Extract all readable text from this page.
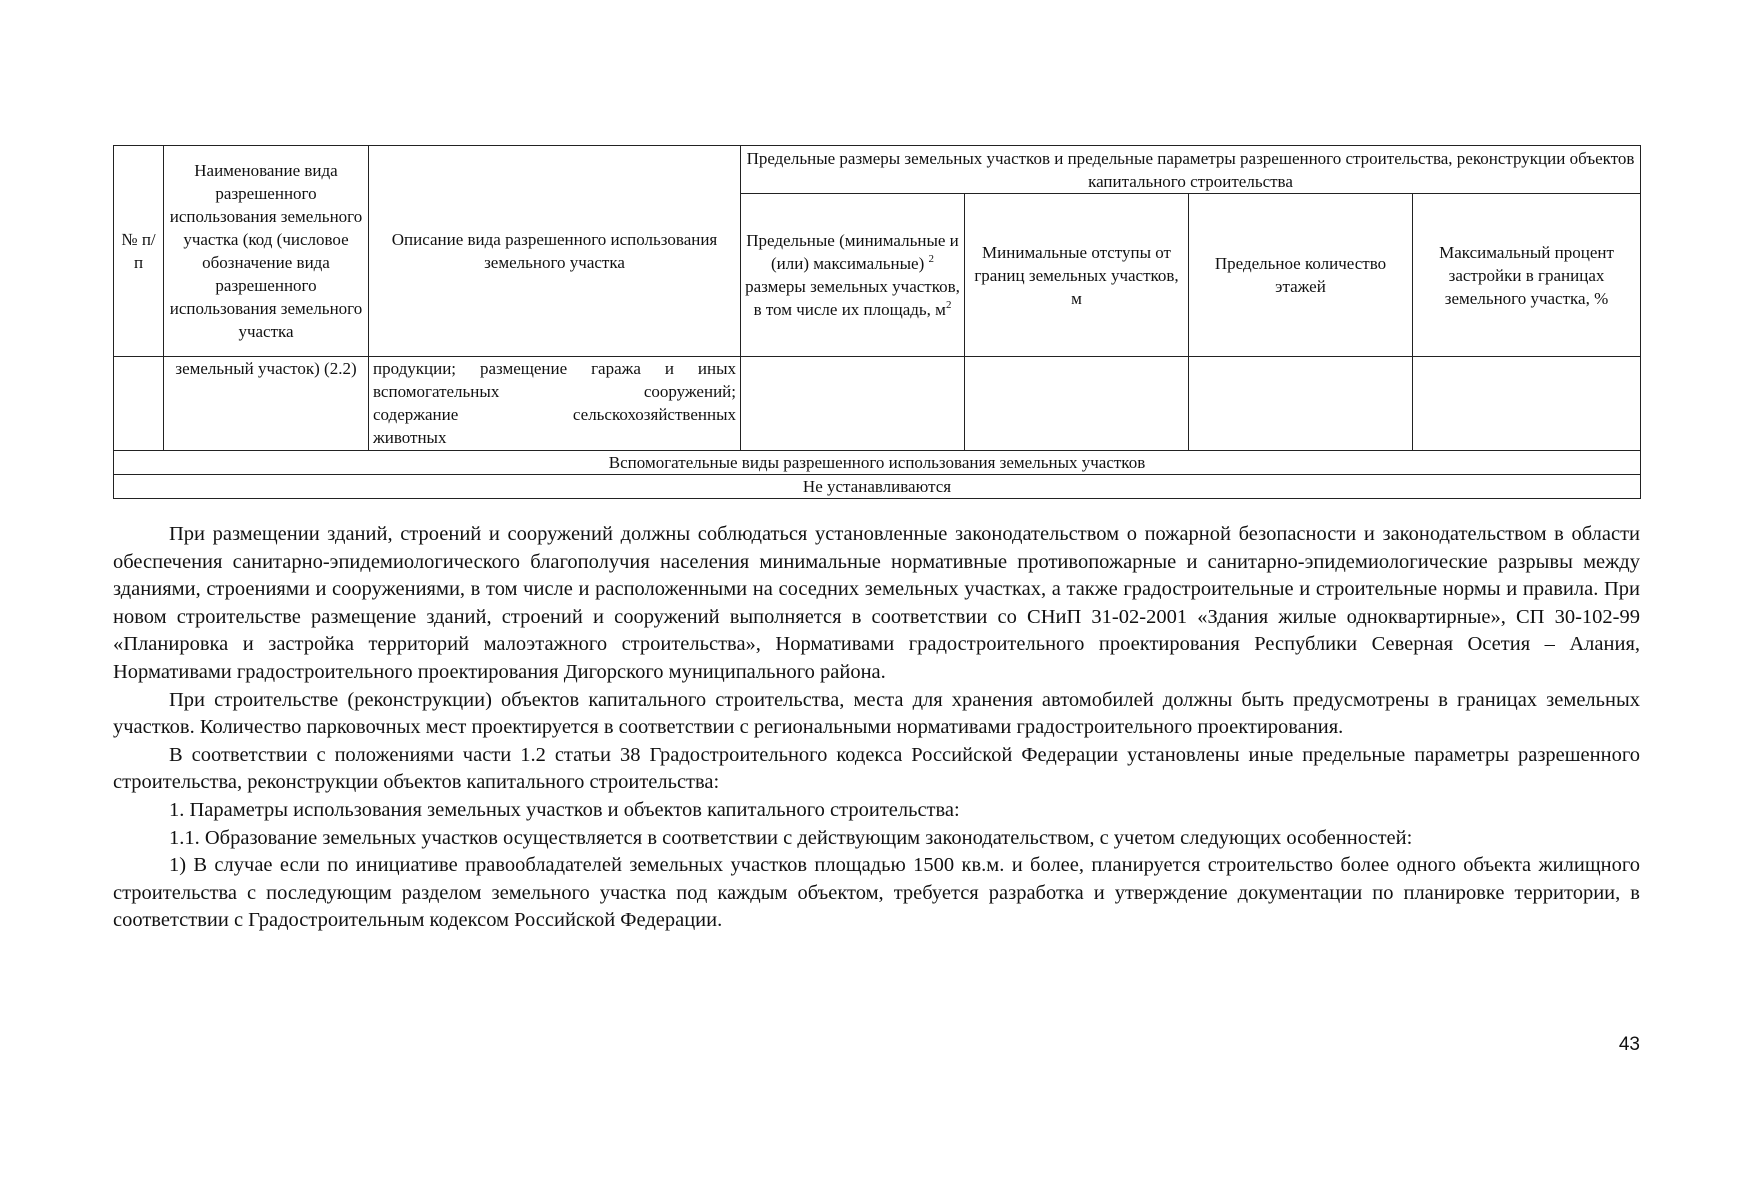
№ п/п	Наименование вида разрешенного использования земельного участка (код (числовое обозначение вида разрешенного использования земельного участка	Описание вида разрешенного использования земельного участка	Предельные размеры земельных участков и предельные параметры разрешенного строительства, реконструкции объектов капитального строительства			
			Предельные (минимальные и (или) максимальные) $^2$ размеры земельных участков, в том числе их площадь, $м^2$	Минимальные отступы от границ земельных участков, м	Предельное количество этажей	Максимальный процент застройки в границах земельного участка, %
	земельный участок) (2.2)	продукции; размещение гаража и иных
вспомогательных сооружений;
содержание сельскохозяйственных
животных				

Вспомогательные виды разрешенного использования земельных участков						
Не устанавливаются						

При размещении зданий, строений и сооружений должны соблюдаться установленные законодательством о пожарной безопасности и законодательством в области обеспечения санитарно-эпидемиологического благополучия населения минимальные нормативные противопожарные и санитарно-эпидемиологические разрывы между зданиями, строениями и сооружениями, в том числе и расположенными на соседних земельных участках, а также градостроительные и строительные нормы и правила. При новом строительстве размещение зданий, строений и сооружений выполняется в соответствии со СНиП 31-02-2001 «Здания жилые одноквартирные», СП 30-102-99 «Планировка и застройка территорий малоэтажного строительства», Нормативами градостроительного проектирования Республики Северная Осетия – Алания, Нормативами градостроительного проектирования Дигорского муниципального района.

При строительстве (реконструкции) объектов капитального строительства, места для хранения автомобилей должны быть предусмотрены в границах земельных участков. Количество парковочных мест проектируется в соответствии с региональными нормативами градостроительного проектирования.

В соответствии с положениями части 1.2 статьи 38 Градостроительного кодекса Российской Федерации установлены иные предельные параметры разрешенного строительства, реконструкции объектов капитального строительства:

1. Параметры использования земельных участков и объектов капитального строительства:

1.1. Образование земельных участков осуществляется в соответствии с действующим законодательством, с учетом следующих особенностей:

1) В случае если по инициативе правообладателей земельных участков площадью 1500 кв.м. и более, планируется строительство более одного объекта жилищного строительства с последующим разделом земельного участка под каждым объектом, требуется разработка и утверждение документации по планировке территории, в соответствии с Градостроительным кодексом Российской Федерации.

43
